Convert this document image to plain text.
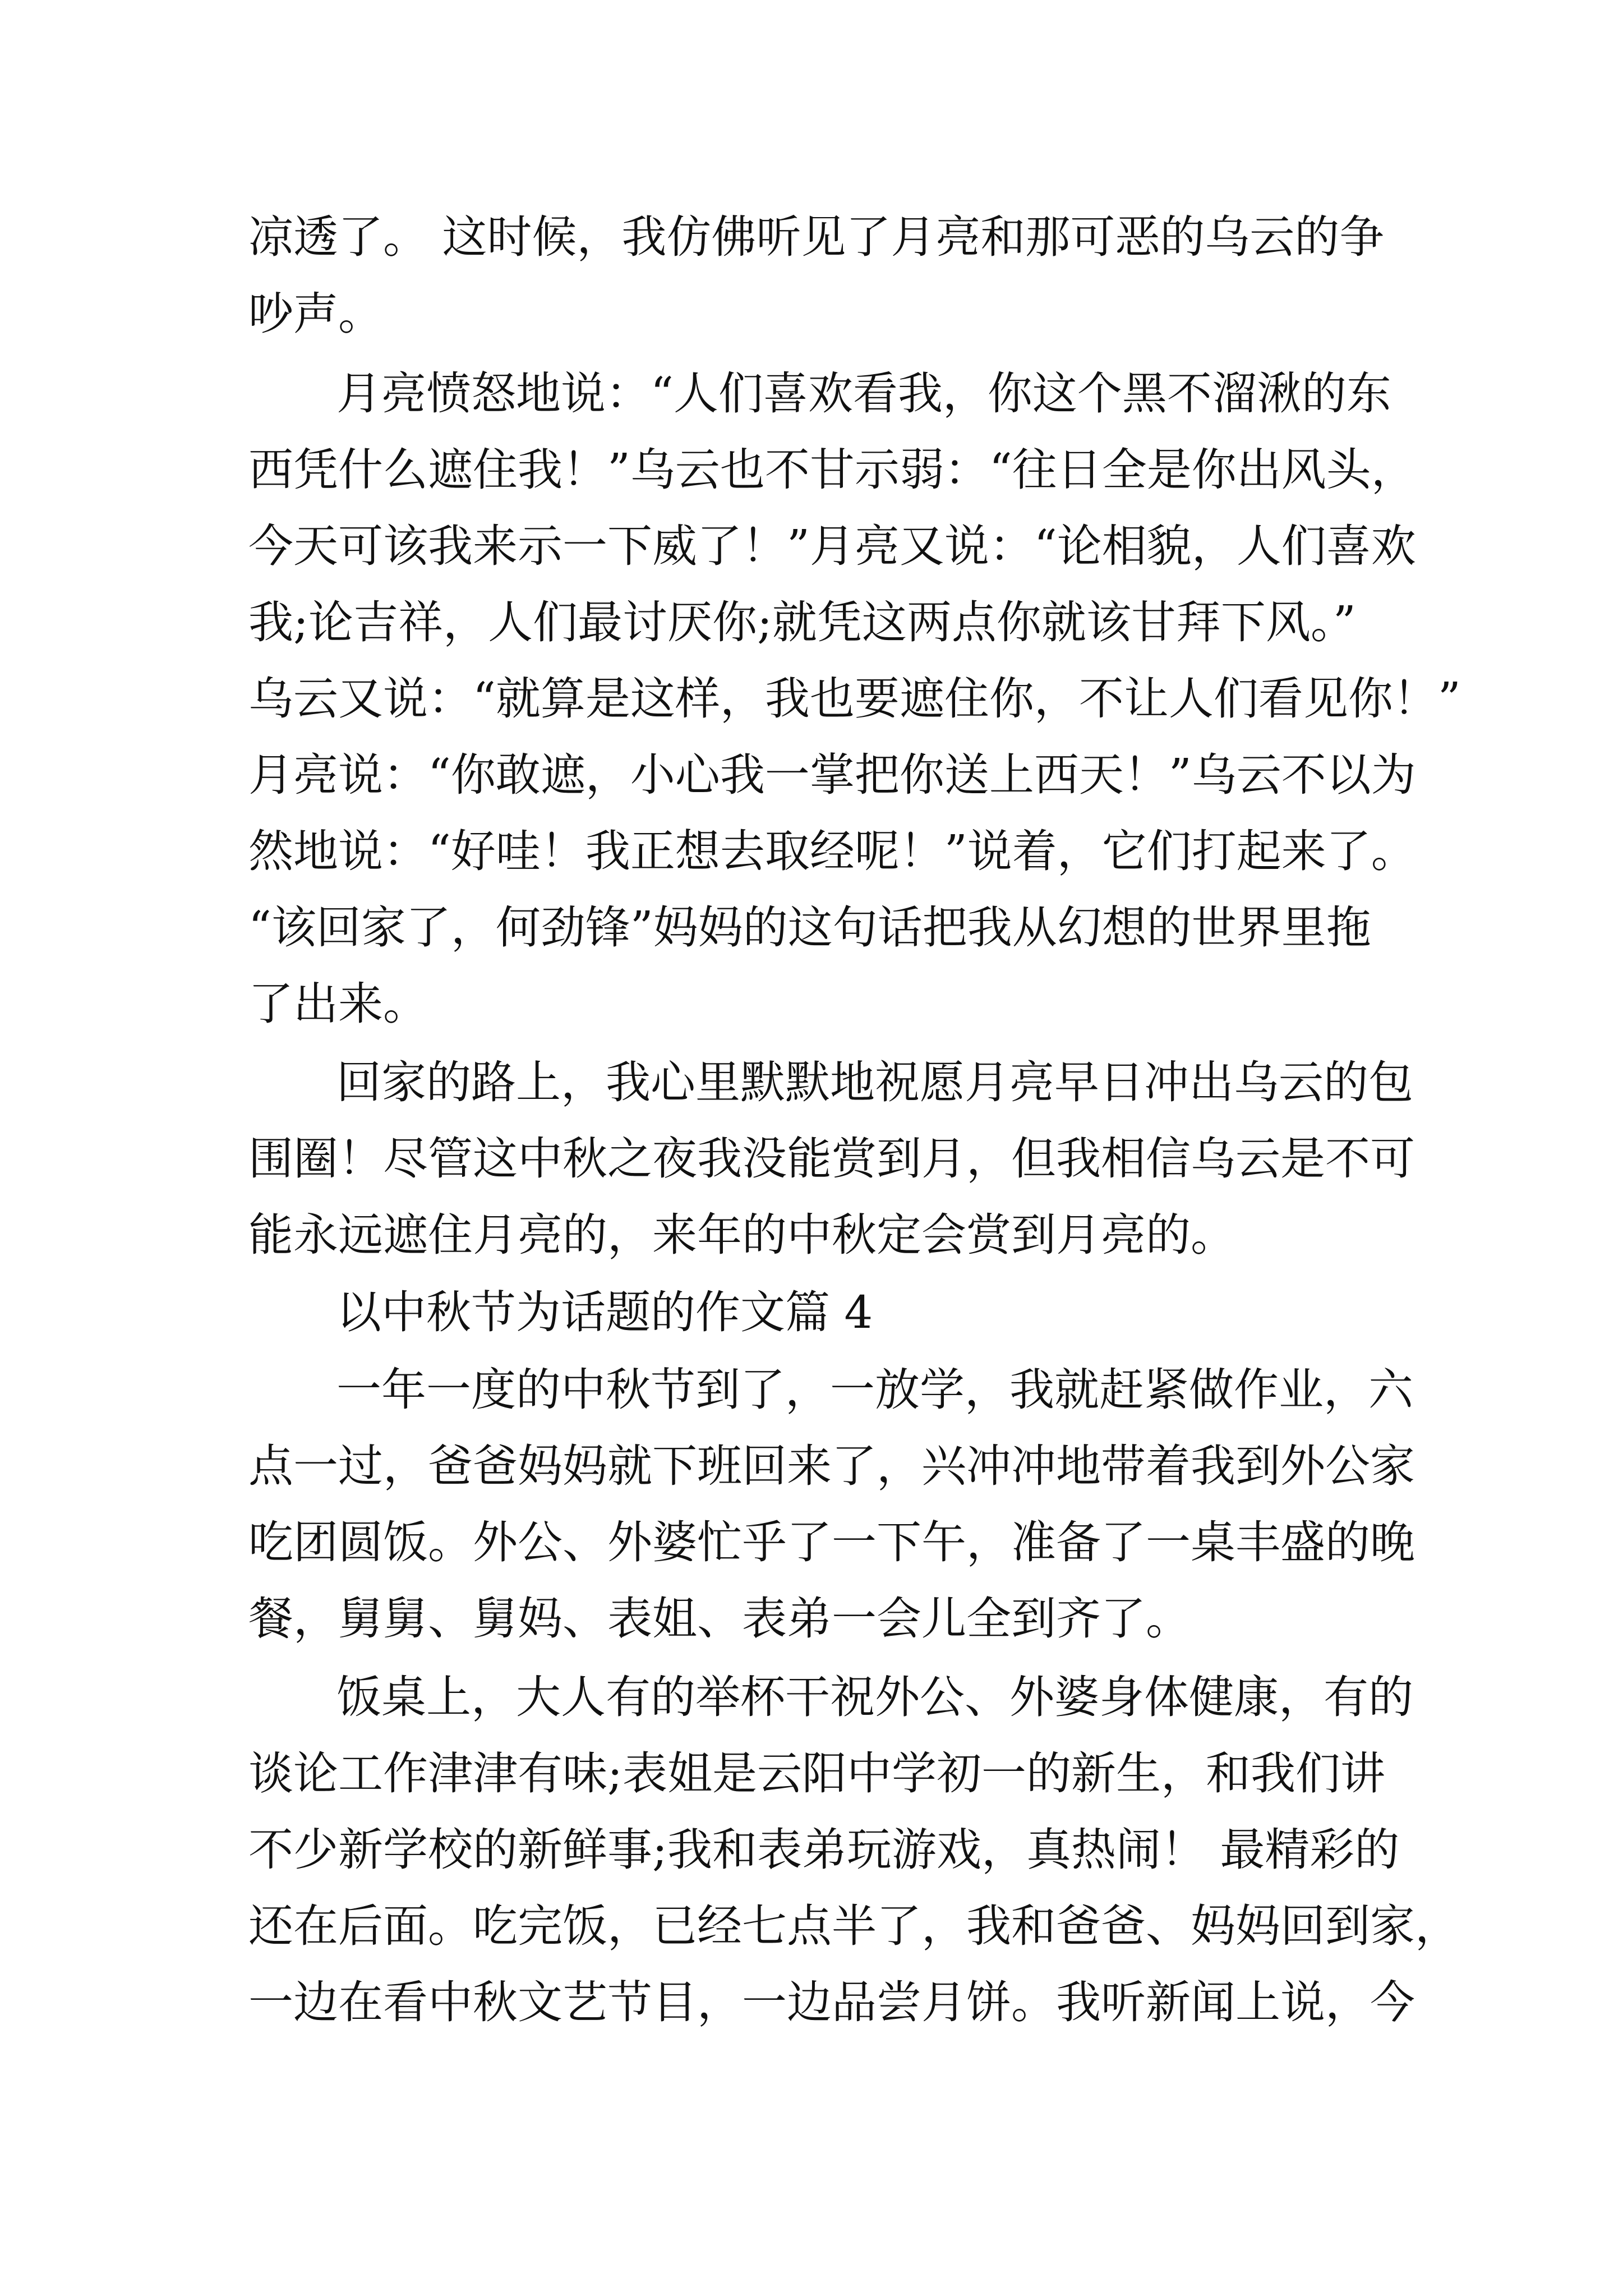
凉透了。 这时候，我仿佛听见了月亮和那可恶的乌云的争

吵声。

月亮愤怒地说：“人们喜欢看我，你这个黑不溜湫的东

西凭什么遮住我！”乌云也不甘示弱：“往日全是你出风头，

今天可该我来示一下威了！”月亮又说：“论相貌，人们喜欢

我;论吉祥，人们最讨厌你;就凭这两点你就该甘拜下风。”

乌云又说：“就算是这样，我也要遮住你，不让人们看见你！”

月亮说：“你敢遮，小心我一掌把你送上西天！”乌云不以为

然地说：“好哇！我正想去取经呢！”说着，它们打起来了。

“该回家了，何劲锋”妈妈的这句话把我从幻想的世界里拖

了出来。

回家的路上，我心里默默地祝愿月亮早日冲出乌云的包

围圈！尽管这中秋之夜我没能赏到月，但我相信乌云是不可

能永远遮住月亮的，来年的中秋定会赏到月亮的。

以中秋节为话题的作文篇 4

一年一度的中秋节到了，一放学，我就赶紧做作业，六

点一过，爸爸妈妈就下班回来了，兴冲冲地带着我到外公家

吃团圆饭。外公、外婆忙乎了一下午，准备了一桌丰盛的晚

餐，舅舅、舅妈、表姐、表弟一会儿全到齐了。

饭桌上，大人有的举杯干祝外公、外婆身体健康，有的

谈论工作津津有味;表姐是云阳中学初一的新生，和我们讲

不少新学校的新鲜事;我和表弟玩游戏，真热闹！ 最精彩的

还在后面。吃完饭，已经七点半了，我和爸爸、妈妈回到家，

一边在看中秋文艺节目，一边品尝月饼。我听新闻上说，今
